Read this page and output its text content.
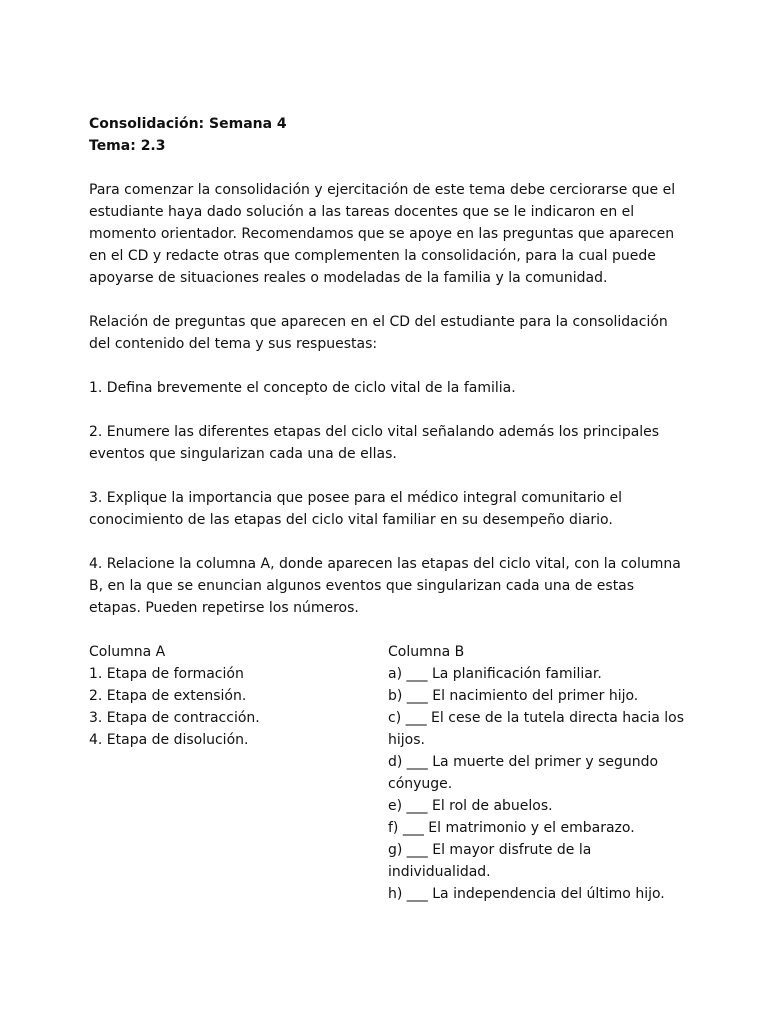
Consolidación: Semana 4

Tema: 2.3

Para comenzar la consolidación y ejercitación de este tema debe cerciorarse que el estudiante haya dado solución a las tareas docentes que se le indicaron en el momento orientador. Recomendamos que se apoye en las preguntas que aparecen en el CD y redacte otras que complementen la consolidación, para la cual puede apoyarse de situaciones reales o modeladas de la familia y la comunidad.

Relación de preguntas que aparecen en el CD del estudiante para la consolidación del contenido del tema y sus respuestas:

1. Defina brevemente el concepto de ciclo vital de la familia.

2. Enumere las diferentes etapas del ciclo vital señalando además los principales eventos que singularizan cada una de ellas.

3. Explique la importancia que posee para el médico integral comunitario el conocimiento de las etapas del ciclo vital familiar en su desempeño diario.

4. Relacione la columna A, donde aparecen las etapas del ciclo vital, con la columna B, en la que se enuncian algunos eventos que singularizan cada una de estas etapas. Pueden repetirse los números.

Columna A

1. Etapa de formación

2. Etapa de extensión.

3. Etapa de contracción.

4. Etapa de disolución.

Columna B

a) ___ La planificación familiar.

b) ___ El nacimiento del primer hijo.

c) ___ El cese de la tutela directa hacia los hijos.

d) ___ La muerte del primer y segundo cónyuge.

e) ___ El rol de abuelos.

f) ___ El matrimonio y el embarazo.

g) ___ El mayor disfrute de la individualidad.

h) ___ La independencia del último hijo.
